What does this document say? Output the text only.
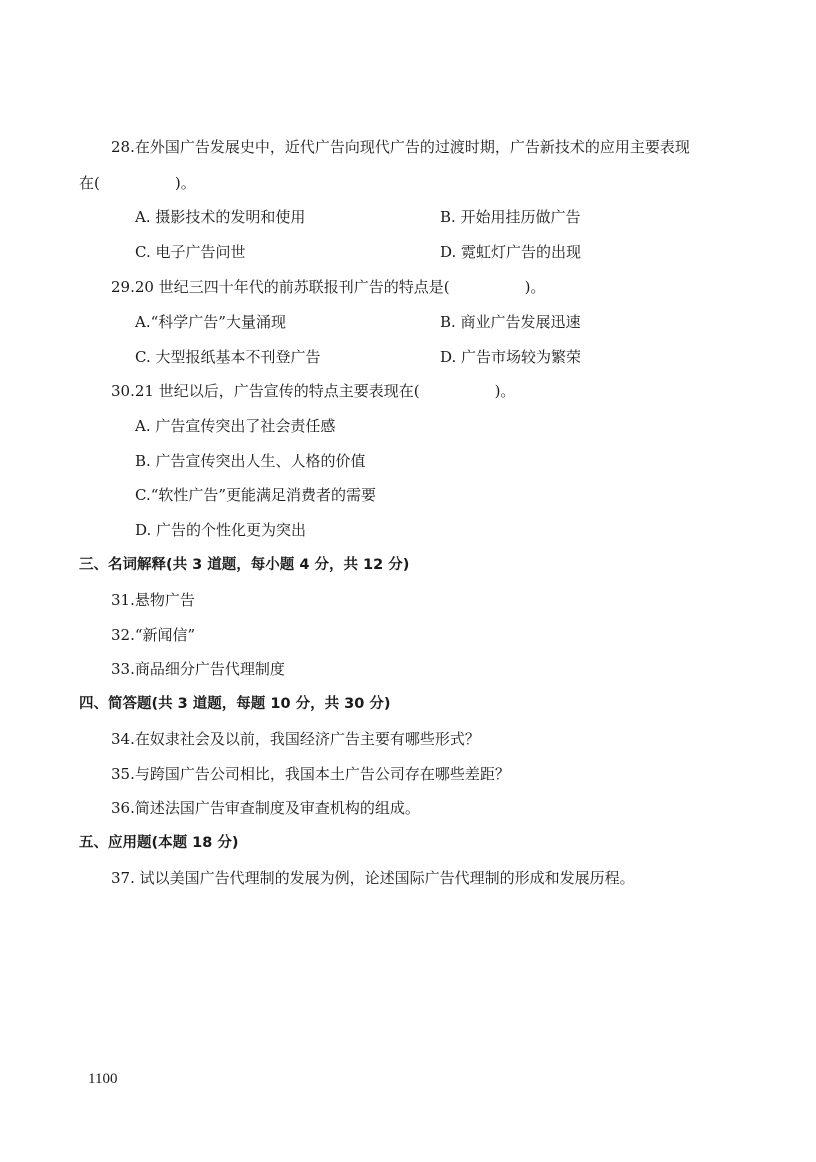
28.在外国广告发展史中，近代广告向现代广告的过渡时期，广告新技术的应用主要表现
在(　　　　　)。
A. 摄影技术的发明和使用	B. 开始用挂历做广告
C. 电子广告问世	D. 霓虹灯广告的出现
29.20 世纪三四十年代的前苏联报刊广告的特点是(　　　　　)。
A.“科学广告”大量涌现	B. 商业广告发展迅速
C. 大型报纸基本不刊登广告	D. 广告市场较为繁荣
30.21 世纪以后，广告宣传的特点主要表现在(　　　　　)。
A. 广告宣传突出了社会责任感
B. 广告宣传突出人生、人格的价值
C.“软性广告”更能满足消费者的需要
D. 广告的个性化更为突出
三、名词解释(共 3 道题，每小题 4 分，共 12 分)
31.悬物广告
32.“新闻信”
33.商品细分广告代理制度
四、简答题(共 3 道题，每题 10 分，共 30 分)
34.在奴隶社会及以前，我国经济广告主要有哪些形式？
35.与跨国广告公司相比，我国本土广告公司存在哪些差距？
36.简述法国广告审查制度及审查机构的组成。
五、应用题(本题 18 分)
37. 试以美国广告代理制的发展为例，论述国际广告代理制的形成和发展历程。
1100
